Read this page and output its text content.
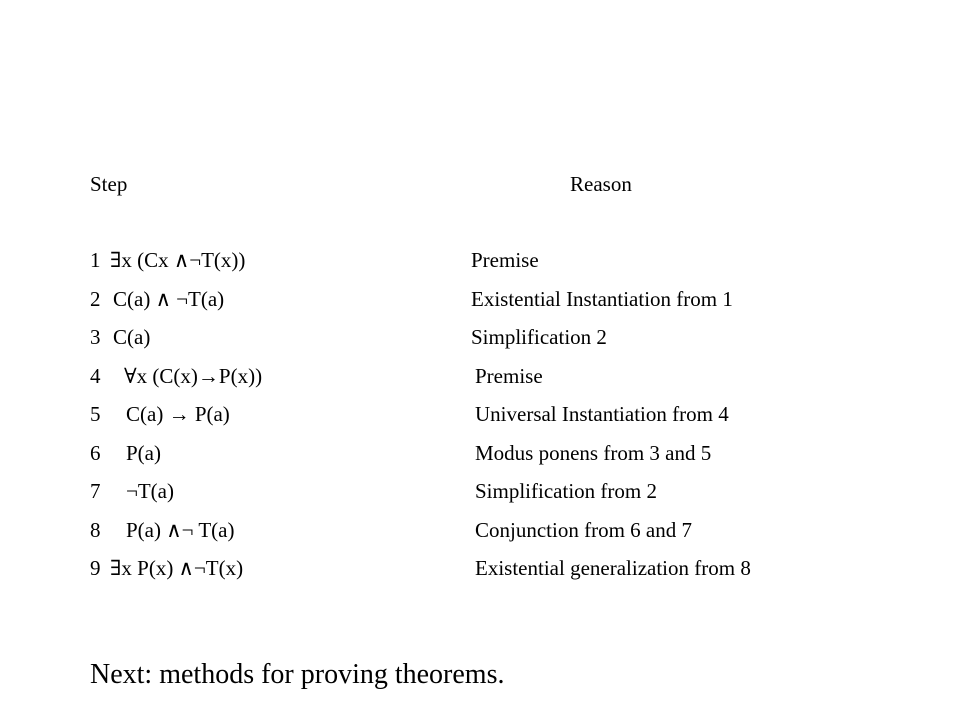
Step	Reason
1 ∃x (Cx ∧¬T(x))	Premise
2 C(a) ∧ ¬T(a)	Existential Instantiation from 1
3 C(a)	Simplification 2
4 ∀x (C(x)→P(x))	Premise
5 C(a) → P(a)	Universal Instantiation from 4
6 P(a)	Modus ponens from 3 and 5
7 ¬T(a)	Simplification from 2
8 P(a) ∧¬ T(a)	Conjunction from 6 and 7
9 ∃x P(x) ∧¬T(x)	Existential generalization from 8
Next: methods for proving theorems.
